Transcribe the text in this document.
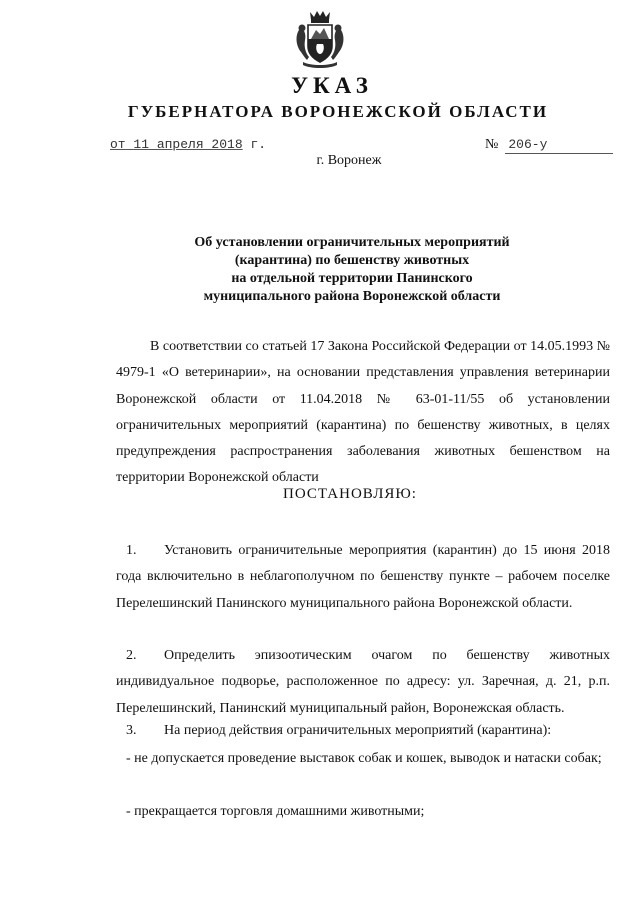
УКАЗ
ГУБЕРНАТОРА ВОРОНЕЖСКОЙ ОБЛАСТИ
от 11 апреля 2018 г.	№ 206-у
г. Воронеж
Об установлении ограничительных мероприятий
(карантина) по бешенству животных
на отдельной территории Панинского
муниципального района Воронежской области
В соответствии со статьей 17 Закона Российской Федерации от 14.05.1993 № 4979-1 «О ветеринарии», на основании представления управления ветеринарии Воронежской области от 11.04.2018 № 63-01-11/55 об установлении ограничительных мероприятий (карантина) по бешенству животных, в целях предупреждения распространения заболевания животных бешенством на территории Воронежской области
ПОСТАНОВЛЯЮ:
1. Установить ограничительные мероприятия (карантин) до 15 июня 2018 года включительно в неблагополучном по бешенству пункте – рабочем поселке Перелешинский Панинского муниципального района Воронежской области.
2. Определить эпизоотическим очагом по бешенству животных индивидуальное подворье, расположенное по адресу: ул. Заречная, д. 21, р.п. Перелешинский, Панинский муниципальный район, Воронежская область.
3. На период действия ограничительных мероприятий (карантина):
- не допускается проведение выставок собак и кошек, выводок и натаски собак;
- прекращается торговля домашними животными;
